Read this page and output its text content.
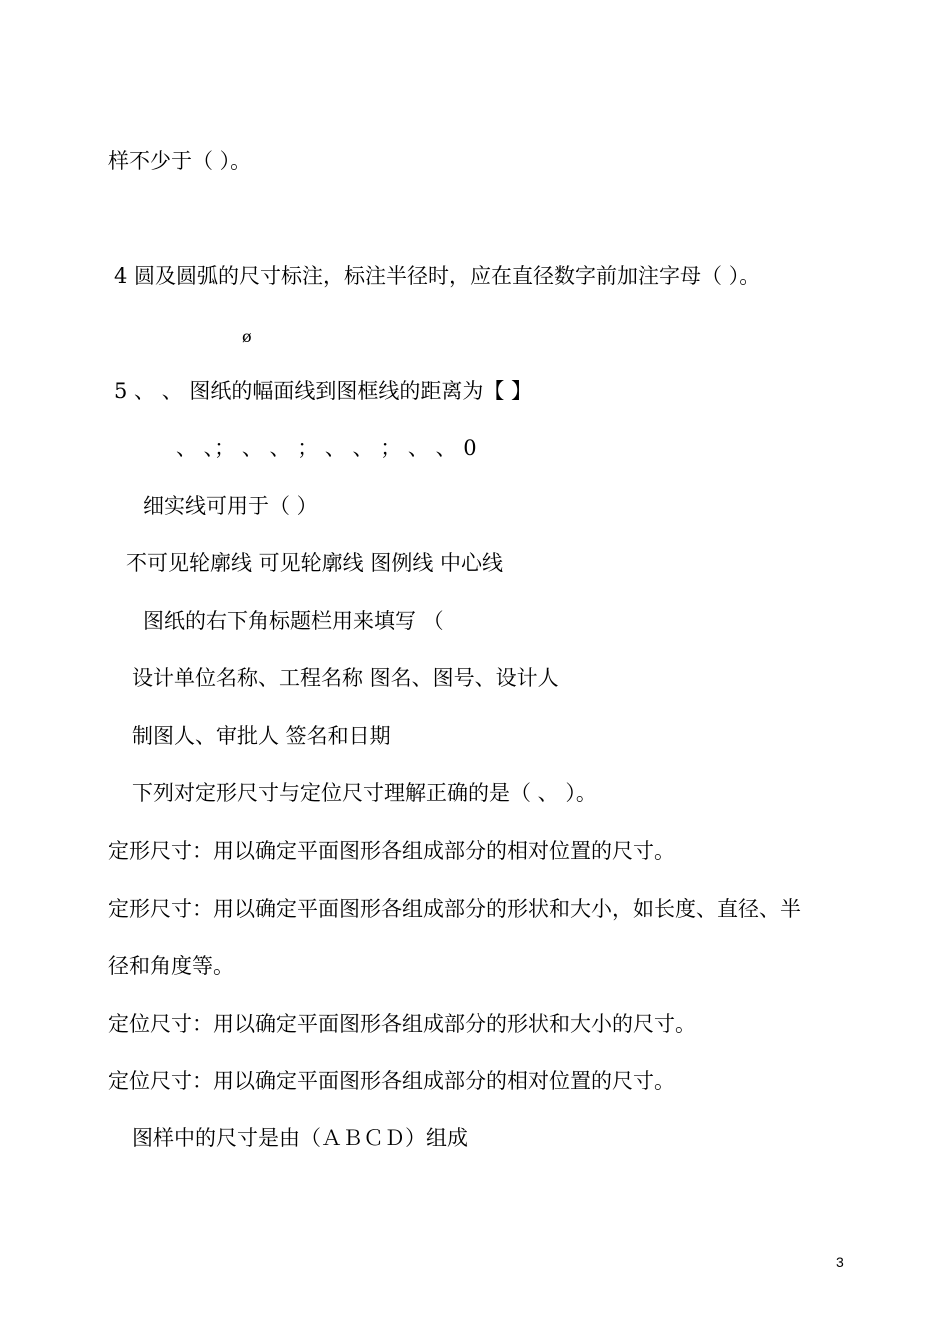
样不少于（ ）。
4 圆及圆弧的尺寸标注，标注半径时，应在直径数字前加注字母（ ）。
ø
5 、 、 图纸的幅面线到图框线的距离为【 】
、 、； 、 、 ； 、 、 ； 、 、 0
细实线可用于（ ）
不可见轮廓线 可见轮廓线 图例线 中心线
图纸的右下角标题栏用来填写 （
设计单位名称、工程名称 图名、图号、设计人
制图人、审批人 签名和日期
下列对定形尺寸与定位尺寸理解正确的是（ 、 ）。
定形尺寸：用以确定平面图形各组成部分的相对位置的尺寸。
定形尺寸：用以确定平面图形各组成部分的形状和大小，如长度、直径、半
径和角度等。
定位尺寸：用以确定平面图形各组成部分的形状和大小的尺寸。
定位尺寸：用以确定平面图形各组成部分的相对位置的尺寸。
图样中的尺寸是由（ＡＢＣＤ）组成
3
